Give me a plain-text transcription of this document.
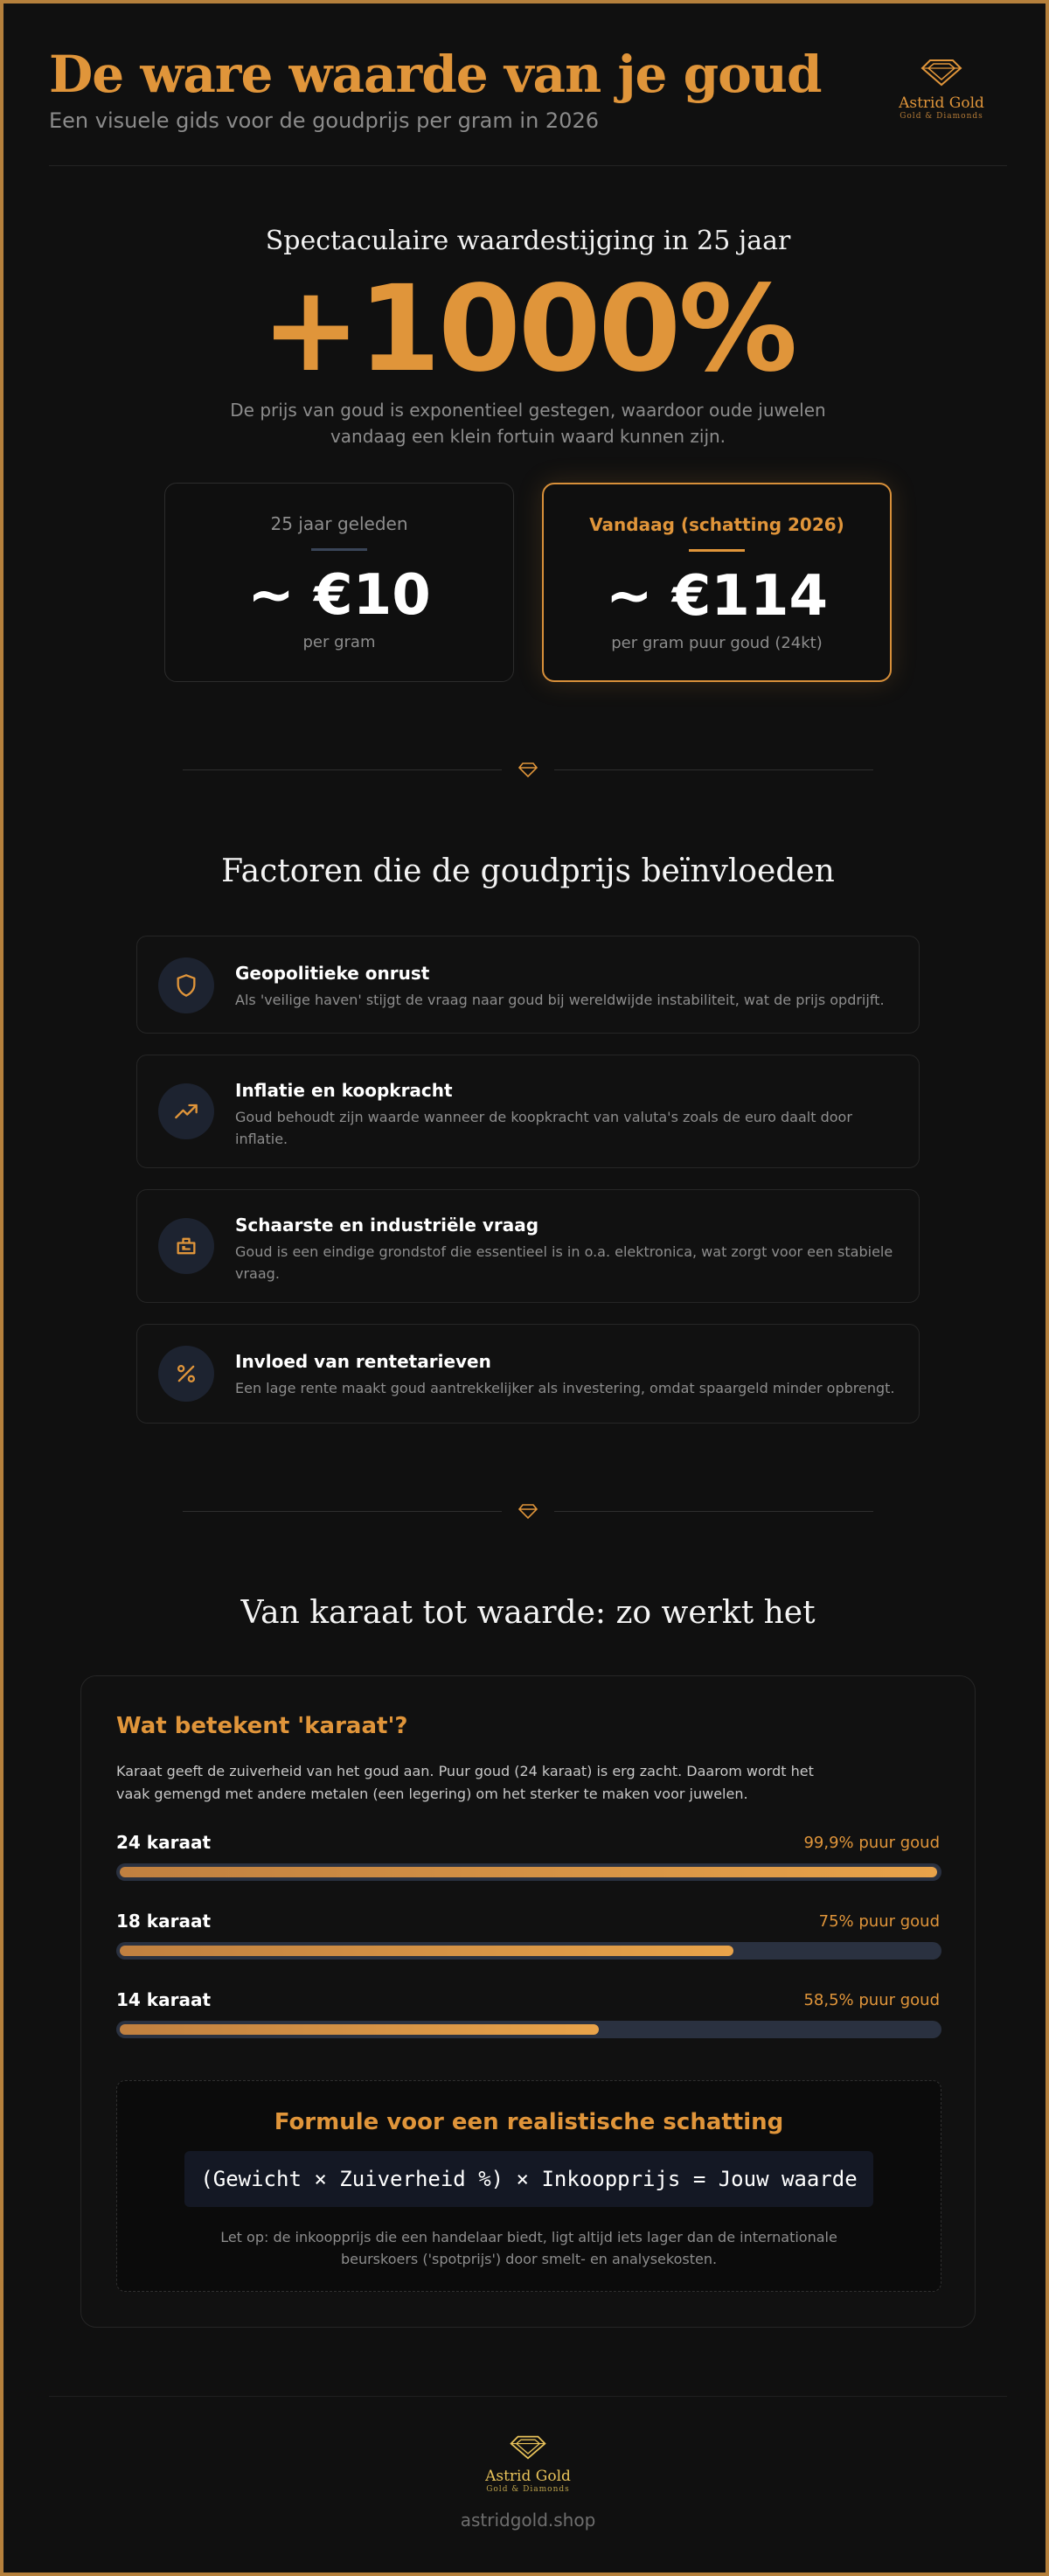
De ware waarde van je goud
Een visuele gids voor de goudprijs per gram in 2026
Astrid Gold
Gold & Diamonds
Spectaculaire waardestijging in 25 jaar
+1000%
De prijs van goud is exponentieel gestegen, waardoor oude juwelen vandaag een klein fortuin waard kunnen zijn.
25 jaar geleden
~ €10
per gram
Vandaag (schatting 2026)
~ €114
per gram puur goud (24kt)
Factoren die de goudprijs beïnvloeden
Geopolitieke onrust
Als 'veilige haven' stijgt de vraag naar goud bij wereldwijde instabiliteit, wat de prijs opdrijft.
Inflatie en koopkracht
Goud behoudt zijn waarde wanneer de koopkracht van valuta's zoals de euro daalt door inflatie.
Schaarste en industriële vraag
Goud is een eindige grondstof die essentieel is in o.a. elektronica, wat zorgt voor een stabiele vraag.
Invloed van rentetarieven
Een lage rente maakt goud aantrekkelijker als investering, omdat spaargeld minder opbrengt.
Van karaat tot waarde: zo werkt het
Wat betekent 'karaat'?
Karaat geeft de zuiverheid van het goud aan. Puur goud (24 karaat) is erg zacht. Daarom wordt het vaak gemengd met andere metalen (een legering) om het sterker te maken voor juwelen.
24 karaat	99,9% puur goud
18 karaat	75% puur goud
14 karaat	58,5% puur goud
Formule voor een realistische schatting
(Gewicht × Zuiverheid %) × Inkoopprijs = Jouw waarde
Let op: de inkoopprijs die een handelaar biedt, ligt altijd iets lager dan de internationale beurskoers ('spotprijs') door smelt- en analysekosten.
Astrid Gold
Gold & Diamonds
astridgold.shop
